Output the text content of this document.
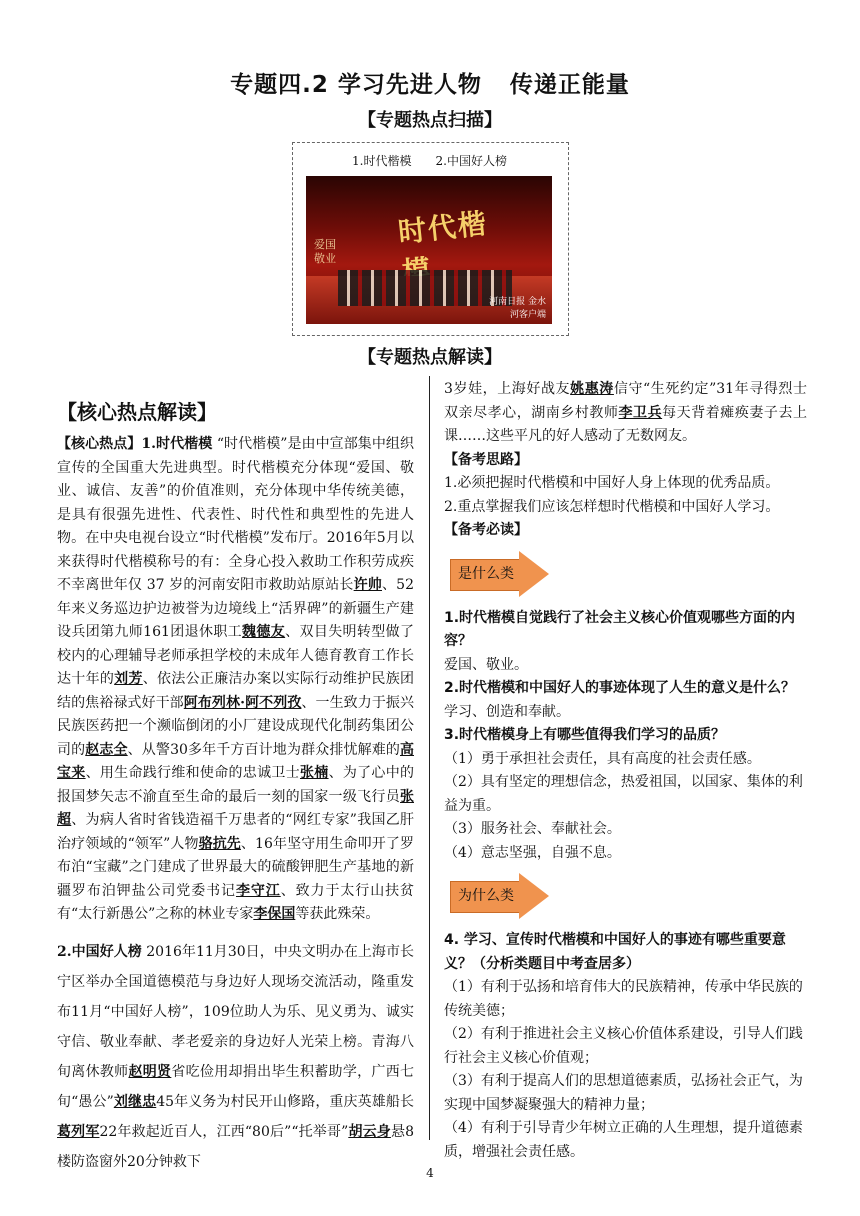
专题四.2 学习先进人物 传递正能量
【专题热点扫描】
1.时代楷模　　2.中国好人榜
时代楷模
爱国
敬业
河南日报 金水河客户端
【专题热点解读】
【核心热点解读】

【核心热点】1.时代楷模 “时代楷模”是由中宣部集中组织宣传的全国重大先进典型。时代楷模充分体现“爱国、敬业、诚信、友善”的价值准则，充分体现中华传统美德，是具有很强先进性、代表性、时代性和典型性的先进人物。在中央电视台设立“时代楷模”发布厅。2016年5月以来获得时代楷模称号的有：全身心投入救助工作积劳成疾不幸离世年仅 37 岁的河南安阳市救助站原站长许帅、52年来义务巡边护边被誉为边境线上“活界碑”的新疆生产建设兵团第九师161团退休职工魏德友、双目失明转型做了校内的心理辅导老师承担学校的未成年人德育教育工作长达十年的刘芳、依法公正廉洁办案以实际行动维护民族团结的焦裕禄式好干部阿布列林·阿不列孜、一生致力于振兴民族医药把一个濒临倒闭的小厂建设成现代化制药集团公司的赵志全、从警30多年千方百计地为群众排忧解难的高宝来、用生命践行维和使命的忠诚卫士张楠、为了心中的报国梦矢志不渝直至生命的最后一刻的国家一级飞行员张超、为病人省时省钱造福千万患者的“网红专家”我国乙肝治疗领域的“领军”人物骆抗先、16年坚守用生命叩开了罗布泊“宝藏”之门建成了世界最大的硫酸钾肥生产基地的新疆罗布泊钾盐公司党委书记李守江、致力于太行山扶贫有“太行新愚公”之称的林业专家李保国等获此殊荣。

2.中国好人榜 2016年11月30日，中央文明办在上海市长宁区举办全国道德模范与身边好人现场交流活动，隆重发布11月“中国好人榜”，109位助人为乐、见义勇为、诚实守信、敬业奉献、孝老爱亲的身边好人光荣上榜。青海八旬离休教师赵明贤省吃俭用却捐出毕生积蓄助学，广西七旬“愚公”刘继忠45年义务为村民开山修路，重庆英雄船长葛列军22年救起近百人，江西“80后”“托举哥”胡云身悬8楼防盗窗外20分钟救下

3岁娃，上海好战友姚惠涛信守“生死约定”31年寻得烈士双亲尽孝心，湖南乡村教师李卫兵每天背着瘫痪妻子去上课……这些平凡的好人感动了无数网友。

【备考思路】
1.必须把握时代楷模和中国好人身上体现的优秀品质。
2.重点掌握我们应该怎样想时代楷模和中国好人学习。
【备考必读】
是什么类
1.时代楷模自觉践行了社会主义核心价值观哪些方面的内容？
爱国、敬业。
2.时代楷模和中国好人的事迹体现了人生的意义是什么？
学习、创造和奉献。
3.时代楷模身上有哪些值得我们学习的品质？
（1）勇于承担社会责任，具有高度的社会责任感。
（2）具有坚定的理想信念，热爱祖国，以国家、集体的利益为重。
（3）服务社会、奉献社会。
（4）意志坚强，自强不息。
为什么类
4. 学习、宣传时代楷模和中国好人的事迹有哪些重要意义？（分析类题目中考查居多）
（1）有利于弘扬和培育伟大的民族精神，传承中华民族的传统美德；
（2）有利于推进社会主义核心价值体系建设，引导人们践行社会主义核心价值观；
（3）有利于提高人们的思想道德素质，弘扬社会正气，为实现中国梦凝聚强大的精神力量；
（4）有利于引导青少年树立正确的人生理想，提升道德素质，增强社会责任感。
4
